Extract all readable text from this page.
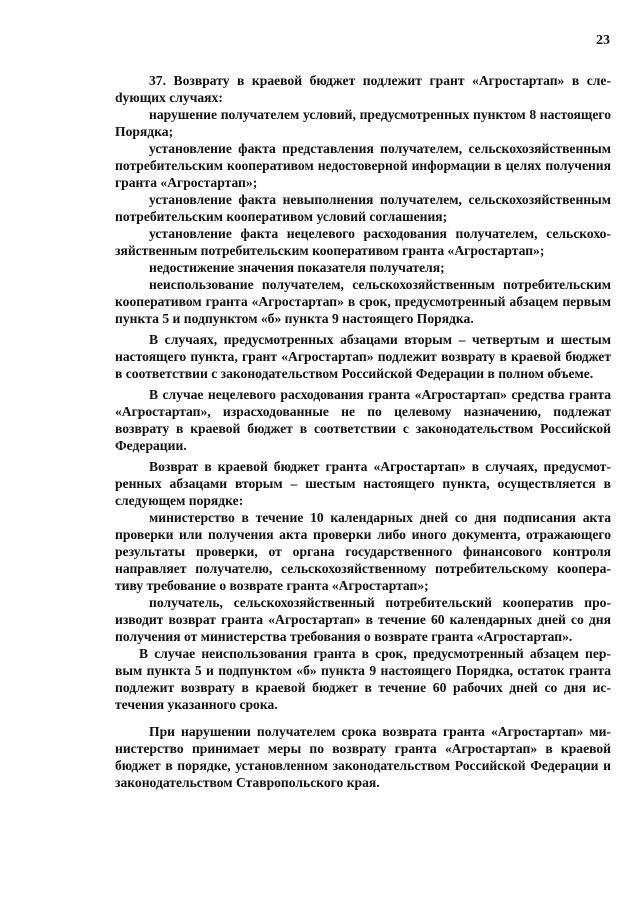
23

37. Возврату в краевой бюджет подлежит грант «Агростартап» в слеdующих случаях:

нарушение получателем условий, предусмотренных пунктом 8 настоящего Порядка;

установление факта представления получателем, сельскохозяйственным потребительским кооперативом недостоверной информации в целях получения гранта «Агростартап»;

установление факта невыполнения получателем, сельскохозяйственным потребительским кооперативом условий соглашения;

установление факта нецелевого расходования получателем, сельскохозяйственным потребительским кооперативом гранта «Агростартап»;

недостижение значения показателя получателя;

неиспользование получателем, сельскохозяйственным потребительским кооперативом гранта «Агростартап» в срок, предусмотренный абзацем первым пункта 5 и подпунктом «б» пункта 9 настоящего Порядка.

В случаях, предусмотренных абзацами вторым – четвертым и шестым настоящего пункта, грант «Агростартап» подлежит возврату в краевой бюджет в соответствии с законодательством Российской Федерации в полном объеме.

В случае нецелевого расходования гранта «Агростартап» средства гранта «Агростартап», израсходованные не по целевому назначению, подлежат возврату в краевой бюджет в соответствии с законодательством Российской Федерации.

Возврат в краевой бюджет гранта «Агростартап» в случаях, предусмотренных абзацами вторым – шестым настоящего пункта, осуществляется в следующем порядке:

министерство в течение 10 календарных дней со дня подписания акта проверки или получения акта проверки либо иного документа, отражающего результаты проверки, от органа государственного финансового контроля направляет получателю, сельскохозяйственному потребительскому кооперативу требование о возврате гранта «Агростартап»;

получатель, сельскохозяйственный потребительский кооператив производит возврат гранта «Агростартап» в течение 60 календарных дней со дня получения от министерства требования о возврате гранта «Агростартап».

В случае неиспользования гранта в срок, предусмотренный абзацем первым пункта 5 и подпунктом «б» пункта 9 настоящего Порядка, остаток гранта подлежит возврату в краевой бюджет в течение 60 рабочих дней со дня истечения указанного срока.

При нарушении получателем срока возврата гранта «Агростартап» министерство принимает меры по возврату гранта «Агростартап» в краевой бюджет в порядке, установленном законодательством Российской Федерации и законодательством Ставропольского края.
